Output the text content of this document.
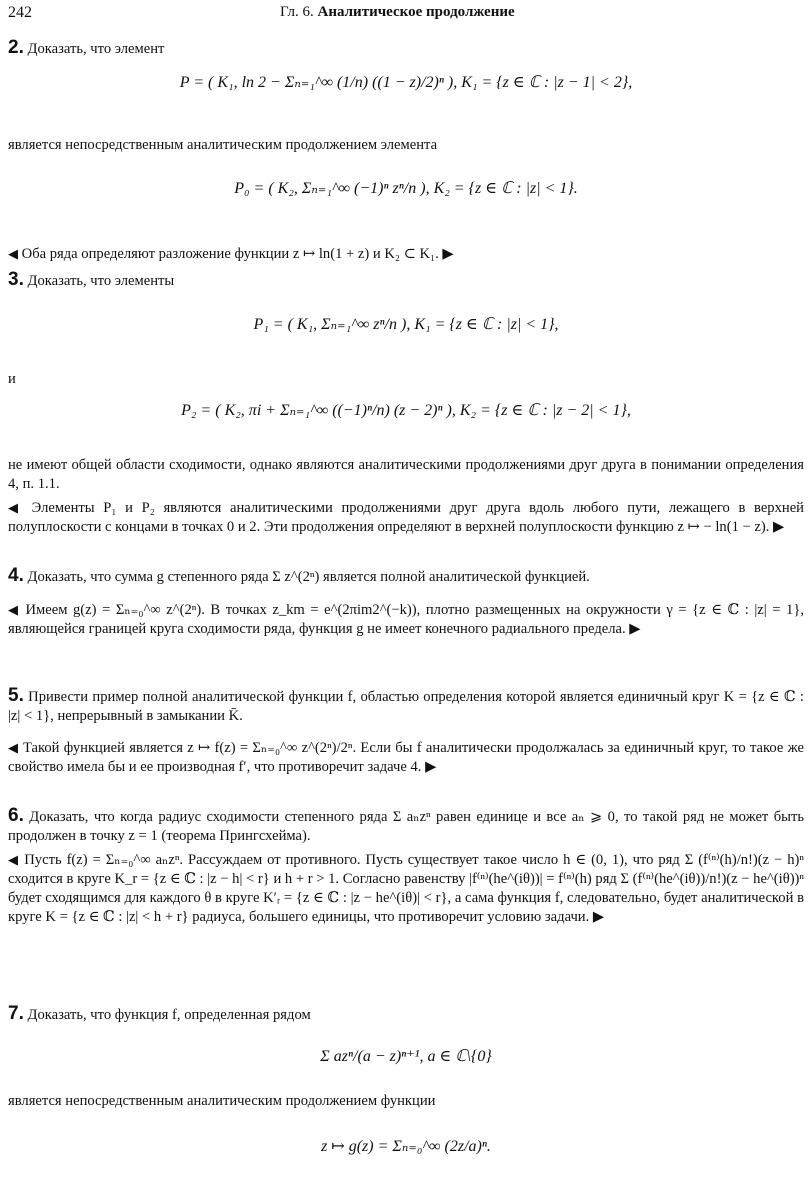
242	Гл. 6. Аналитическое продолжение
2. Доказать, что элемент
P = ( K₁, ln 2 − Σₙ₌₁^∞ (1/n) ((1 − z)/2)ⁿ ), K₁ = {z ∈ ℂ : |z − 1| < 2},
является непосредственным аналитическим продолжением элемента
P₀ = ( K₂, Σₙ₌₁^∞ (−1)ⁿ zⁿ/n ), K₂ = {z ∈ ℂ : |z| < 1}.
◀ Оба ряда определяют разложение функции z ↦ ln(1 + z) и K₂ ⊂ K₁. ▶
3. Доказать, что элементы
P₁ = ( K₁, Σₙ₌₁^∞ zⁿ/n ), K₁ = {z ∈ ℂ : |z| < 1},
и
P₂ = ( K₂, πi + Σₙ₌₁^∞ ((−1)ⁿ/n) (z − 2)ⁿ ), K₂ = {z ∈ ℂ : |z − 2| < 1},
не имеют общей области сходимости, однако являются аналитическими продолжениями друг друга в понимании определения 4, п. 1.1.
◀ Элементы P₁ и P₂ являются аналитическими продолжениями друг друга вдоль любого пути, лежащего в верхней полуплоскости с концами в точках 0 и 2. Эти продолжения определяют в верхней полуплоскости функцию z ↦ − ln(1 − z). ▶
4. Доказать, что сумма g степенного ряда Σ z^(2ⁿ) является полной аналитической функцией.
◀ Имеем g(z) = Σₙ₌₀^∞ z^(2ⁿ). В точках z_km = e^(2πim2^(−k)), плотно размещенных на окружности γ = {z ∈ ℂ : |z| = 1}, являющейся границей круга сходимости ряда, функция g не имеет конечного радиального предела. ▶
5. Привести пример полной аналитической функции f, областью определения которой является единичный круг K = {z ∈ ℂ : |z| < 1}, непрерывный в замыкании K̄.
◀ Такой функцией является z ↦ f(z) = Σₙ₌₀^∞ z^(2ⁿ)/2ⁿ. Если бы f аналитически продолжалась за единичный круг, то такое же свойство имела бы и ее производная f′, что противоречит задаче 4. ▶
6. Доказать, что когда радиус сходимости степенного ряда Σ aₙzⁿ равен единице и все aₙ ⩾ 0, то такой ряд не может быть продолжен в точку z = 1 (теорема Прингсхейма).
◀ Пусть f(z) = Σₙ₌₀^∞ aₙzⁿ. Рассуждаем от противного. Пусть существует такое число h ∈ (0, 1), что ряд Σ (f⁽ⁿ⁾(h)/n!)(z − h)ⁿ сходится в круге K_r = {z ∈ ℂ : |z − h| < r} и h + r > 1. Согласно равенству |f⁽ⁿ⁾(he^(iθ))| = f⁽ⁿ⁾(h) ряд Σ (f⁽ⁿ⁾(he^(iθ))/n!)(z − he^(iθ))ⁿ будет сходящимся для каждого θ в круге K′ᵣ = {z ∈ ℂ : |z − he^(iθ)| < r}, а сама функция f, следовательно, будет аналитической в круге K = {z ∈ ℂ : |z| < h + r} радиуса, большего единицы, что противоречит условию задачи. ▶
7. Доказать, что функция f, определенная рядом
Σ azⁿ/(a − z)ⁿ⁺¹, a ∈ ℂ\{0}
является непосредственным аналитическим продолжением функции
z ↦ g(z) = Σₙ₌₀^∞ (2z/a)ⁿ.
